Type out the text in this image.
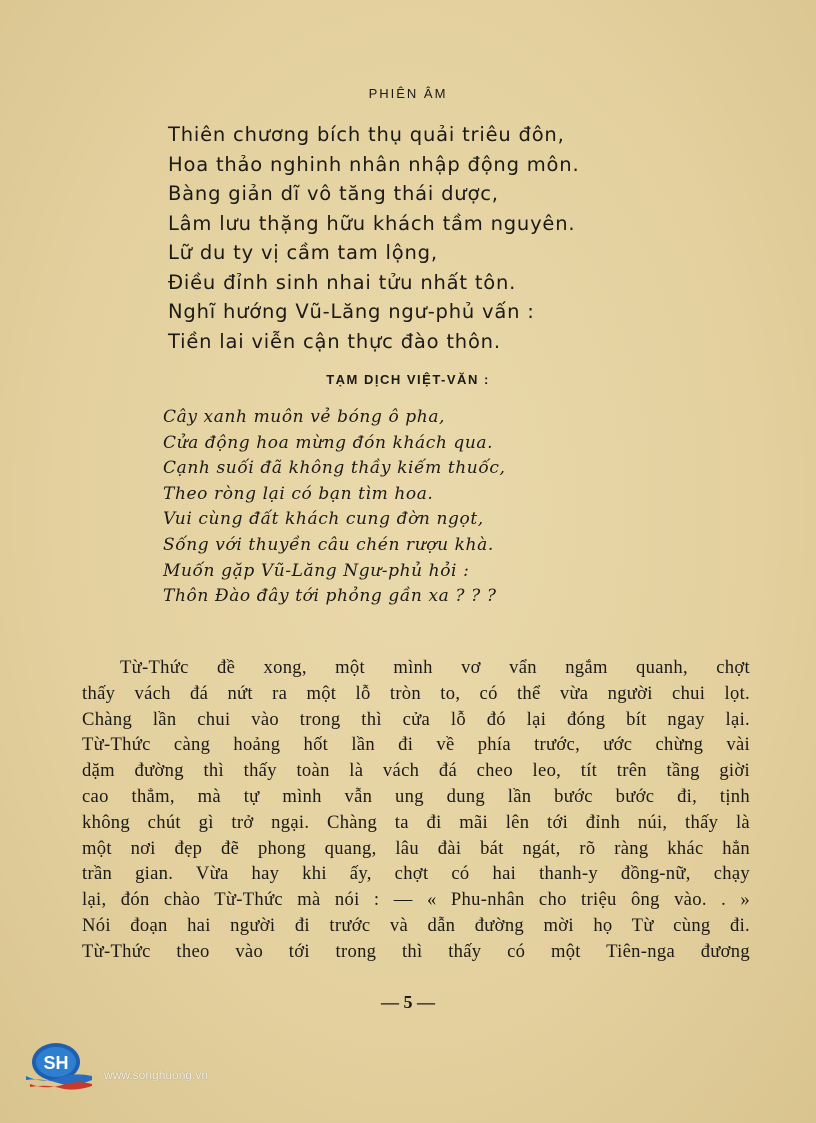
PHIÊN ÂM
Thiên chương bích thụ quải triêu đôn,
Hoa thảo nghinh nhân nhập động môn.
Bàng giản dĩ vô tăng thái dược,
Lâm lưu thặng hữu khách tầm nguyên.
Lữ du ty vị cầm tam lộng,
Điều đỉnh sinh nhai tửu nhất tôn.
Nghĩ hướng Vũ-Lăng ngư-phủ vấn :
Tiền lai viễn cận thực đào thôn.
TẠM DỊCH VIỆT-VĂN :
Cây xanh muôn vẻ bóng ô pha,
Cửa động hoa mừng đón khách qua.
Cạnh suối đã không thầy kiếm thuốc,
Theo ròng lại có bạn tìm hoa.
Vui cùng đất khách cung đờn ngọt,
Sống với thuyền câu chén rượu khà.
Muốn gặp Vũ-Lăng Ngư-phủ hỏi :
Thôn Đào đây tới phỏng gần xa ? ? ?
Từ-Thức đề xong, một mình vơ vẩn ngắm quanh, chợt
thấy vách đá nứt ra một lỗ tròn to, có thể vừa người chui lọt.
Chàng lần chui vào trong thì cửa lỗ đó lại đóng bít ngay lại.
Từ-Thức càng hoảng hốt lần đi về phía trước, ước chừng vài
dặm đường thì thấy toàn là vách đá cheo leo, tít trên tầng giời
cao thẳm, mà tự mình vẫn ung dung lần bước bước đi, tịnh
không chút gì trở ngại. Chàng ta đi mãi lên tới đỉnh núi, thấy là
một nơi đẹp đẽ phong quang, lâu đài bát ngát, rõ ràng khác hẳn
trần gian. Vừa hay khi ấy, chợt có hai thanh-y đồng-nữ, chạy
lại, đón chào Từ-Thức mà nói : — « Phu-nhân cho triệu ông vào. . »
Nói đoạn hai người đi trước và dẫn đường mời họ Từ cùng đi.
Từ-Thức theo vào tới trong thì thấy có một Tiên-nga đương
— 5 —
SH
www.songhuong.vn
